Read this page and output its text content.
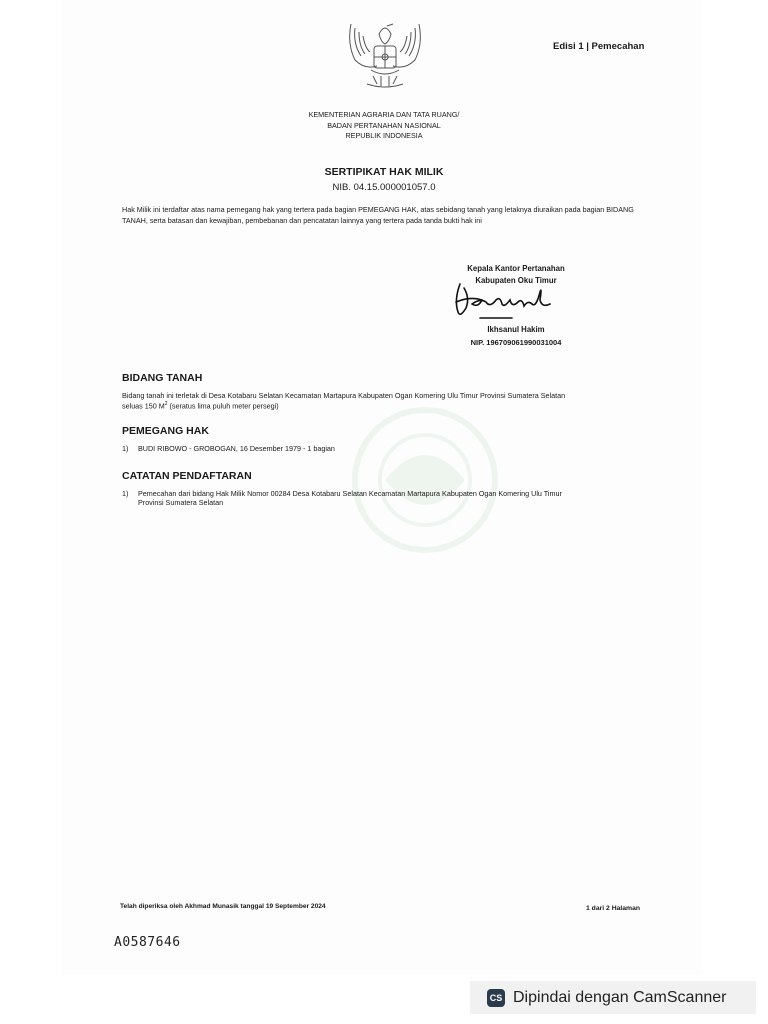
Edisi 1 | Pemecahan
KEMENTERIAN AGRARIA DAN TATA RUANG/
BADAN PERTANAHAN NASIONAL
REPUBLIK INDONESIA
SERTIPIKAT HAK MILIK
NIB. 04.15.000001057.0
Hak Milik ini terdaftar atas nama pemegang hak yang tertera pada bagian PEMEGANG HAK, atas sebidang tanah yang letaknya diuraikan pada bagian BIDANG TANAH, serta batasan dan kewajiban, pembebanan dan pencatatan lainnya yang tertera pada tanda bukti hak ini
Kepala Kantor Pertanahan
Kabupaten Oku Timur
Ikhsanul Hakim
NIP. 196709061990031004
BIDANG TANAH
Bidang tanah ini terletak di Desa Kotabaru Selatan Kecamatan Martapura Kabupaten Ogan Komering Ulu Timur Provinsi Sumatera Selatan
seluas 150 $M^2$ (seratus lima puluh meter persegi)
PEMEGANG HAK
1)	BUDI RIBOWO - GROBOGAN, 16 Desember 1979 - 1 bagian
CATATAN PENDAFTARAN
1)	Pemecahan dari bidang Hak Milik Nomor 00284 Desa Kotabaru Selatan Kecamatan Martapura Kabupaten Ogan Komering Ulu Timur
Provinsi Sumatera Selatan
Telah diperiksa oleh Akhmad Munasik tanggal 19 September 2024	1 dari 2 Halaman
A0587646
CS Dipindai dengan CamScanner
